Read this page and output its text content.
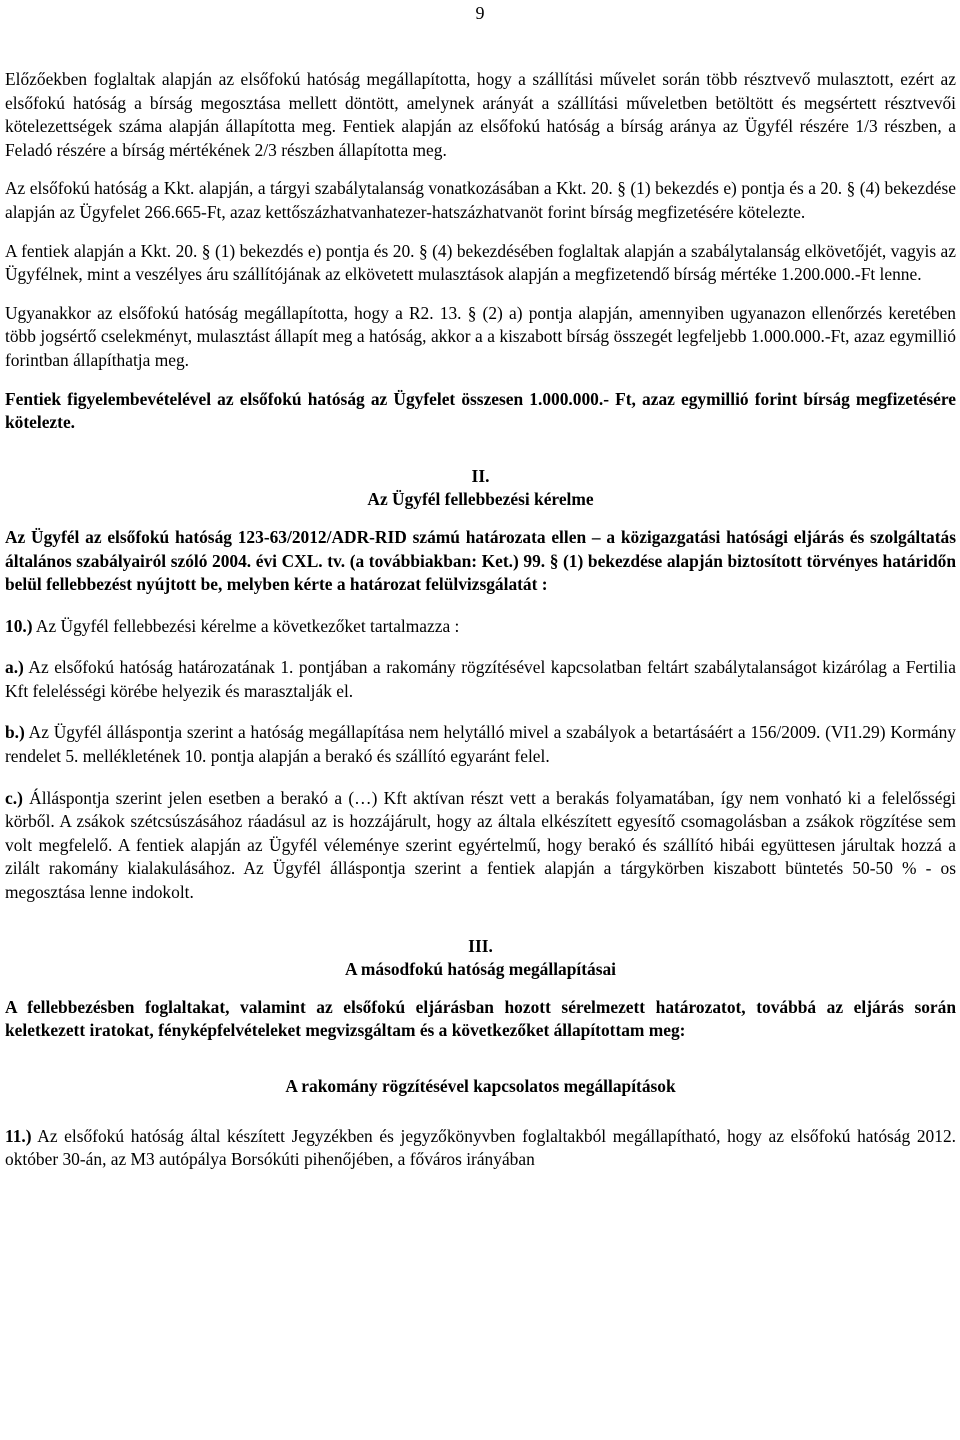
9

Előzőekben foglaltak alapján az elsőfokú hatóság megállapította, hogy a szállítási művelet során több résztvevő mulasztott, ezért az elsőfokú hatóság a bírság megosztása mellett döntött, amelynek arányát a szállítási műveletben betöltött és megsértett résztvevői kötelezettségek száma alapján állapította meg. Fentiek alapján az elsőfokú hatóság a bírság aránya az Ügyfél részére 1/3 részben, a Feladó részére a bírság mértékének 2/3 részben állapította meg.

Az elsőfokú hatóság a Kkt. alapján, a tárgyi szabálytalanság vonatkozásában a Kkt. 20. § (1) bekezdés e) pontja és a 20. § (4) bekezdése alapján az Ügyfelet 266.665-Ft, azaz kettőszázhatvanhatezer-hatszázhatvanöt forint bírság megfizetésére kötelezte.

A fentiek alapján a Kkt. 20. § (1) bekezdés e) pontja és 20. § (4) bekezdésében foglaltak alapján a szabálytalanság elkövetőjét, vagyis az Ügyfélnek, mint a veszélyes áru szállítójának az elkövetett mulasztások alapján a megfizetendő bírság mértéke 1.200.000.-Ft lenne.

Ugyanakkor az elsőfokú hatóság megállapította, hogy a R2. 13. § (2) a) pontja alapján, amennyiben ugyanazon ellenőrzés keretében több jogsértő cselekményt, mulasztást állapít meg a hatóság, akkor a a kiszabott bírság összegét legfeljebb 1.000.000.-Ft, azaz egymillió forintban állapíthatja meg.

Fentiek figyelembevételével az elsőfokú hatóság az Ügyfelet összesen 1.000.000.- Ft, azaz egymillió forint bírság megfizetésére kötelezte.

II.

Az Ügyfél fellebbezési kérelme

Az Ügyfél az elsőfokú hatóság 123-63/2012/ADR-RID számú határozata ellen – a közigazgatási hatósági eljárás és szolgáltatás általános szabályairól szóló 2004. évi CXL. tv. (a továbbiakban: Ket.) 99. § (1) bekezdése alapján biztosított törvényes határidőn belül fellebbezést nyújtott be, melyben kérte a határozat felülvizsgálatát :

10.) Az Ügyfél fellebbezési kérelme a következőket tartalmazza :

a.) Az elsőfokú hatóság határozatának 1. pontjában a rakomány rögzítésével kapcsolatban feltárt szabálytalanságot kizárólag a Fertilia Kft felelésségi körébe helyezik és marasztalják el.

b.) Az Ügyfél álláspontja szerint a hatóság megállapítása nem helytálló mivel a szabályok a betartásáért a 156/2009. (VI1.29) Kormány rendelet 5. mellékletének 10. pontja alapján a berakó és szállító egyaránt felel.

c.) Álláspontja szerint jelen esetben a berakó a (…) Kft aktívan részt vett a berakás folyamatában, így nem vonható ki a felelősségi körből. A zsákok szétcsúszásához ráadásul az is hozzájárult, hogy az általa elkészített egyesítő csomagolásban a zsákok rögzítése sem volt megfelelő. A fentiek alapján az Ügyfél véleménye szerint egyértelmű, hogy berakó és szállító hibái együttesen járultak hozzá a zilált rakomány kialakulásához. Az Ügyfél álláspontja szerint a fentiek alapján a tárgykörben kiszabott büntetés 50-50 % - os megosztása lenne indokolt.

III.

A másodfokú hatóság megállapításai

A fellebbezésben foglaltakat, valamint az elsőfokú eljárásban hozott sérelmezett határozatot, továbbá az eljárás során keletkezett iratokat, fényképfelvételeket megvizsgáltam és a következőket állapítottam meg:

A rakomány rögzítésével kapcsolatos megállapítások

11.) Az elsőfokú hatóság által készített Jegyzékben és jegyzőkönyvben foglaltakból megállapítható, hogy az elsőfokú hatóság 2012. október 30-án, az M3 autópálya Borsókúti pihenőjében, a főváros irányában
